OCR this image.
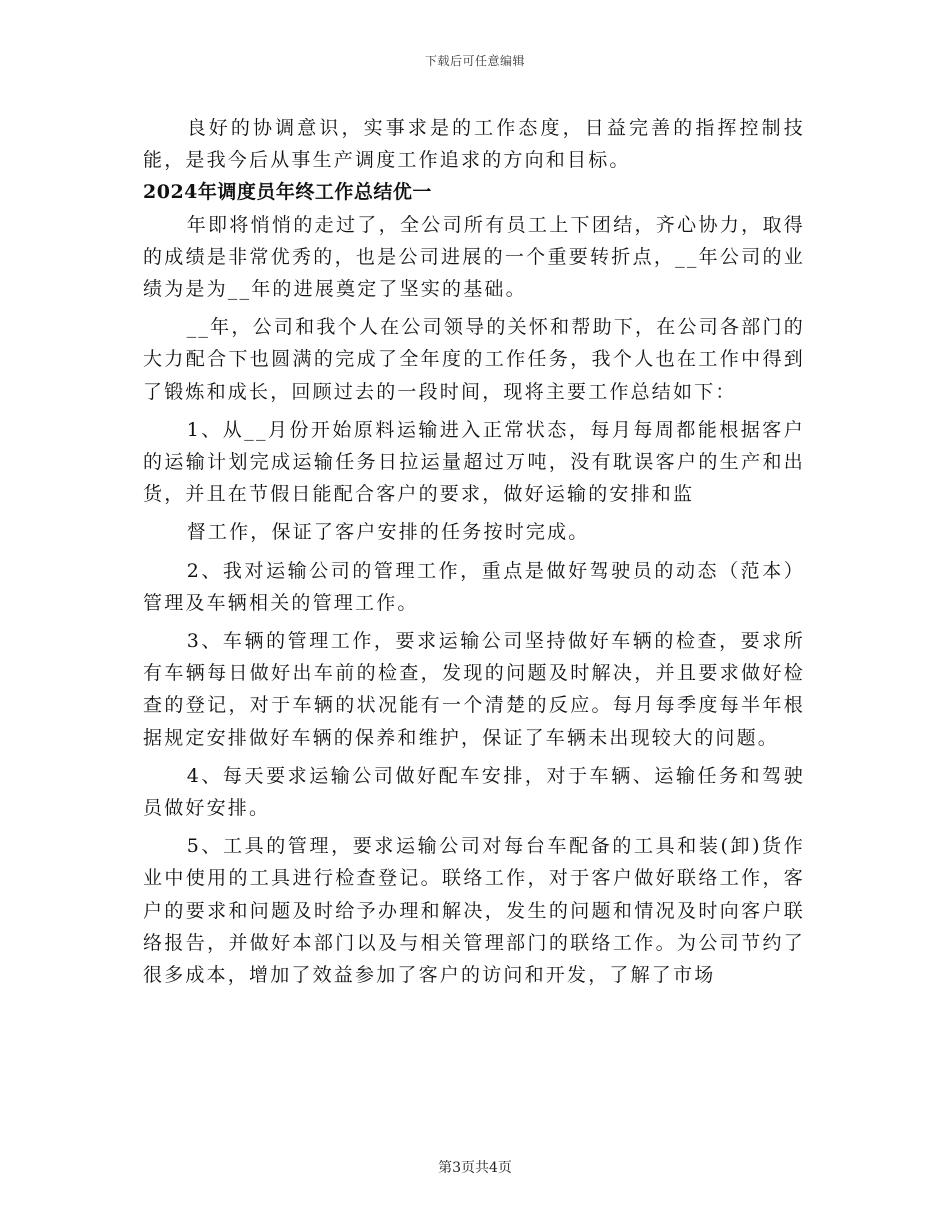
下载后可任意编辑

良好的协调意识，实事求是的工作态度，日益完善的指挥控制技能，是我今后从事生产调度工作追求的方向和目标。

2024年调度员年终工作总结优一

年即将悄悄的走过了，全公司所有员工上下团结，齐心协力，取得的成绩是非常优秀的，也是公司进展的一个重要转折点，__年公司的业绩为是为__年的进展奠定了坚实的基础。

__年，公司和我个人在公司领导的关怀和帮助下，在公司各部门的大力配合下也圆满的完成了全年度的工作任务，我个人也在工作中得到了锻炼和成长，回顾过去的一段时间，现将主要工作总结如下：

1、从__月份开始原料运输进入正常状态，每月每周都能根据客户的运输计划完成运输任务日拉运量超过万吨，没有耽误客户的生产和出货，并且在节假日能配合客户的要求，做好运输的安排和监

督工作，保证了客户安排的任务按时完成。

2、我对运输公司的管理工作，重点是做好驾驶员的动态（范本）管理及车辆相关的管理工作。

3、车辆的管理工作，要求运输公司坚持做好车辆的检查，要求所有车辆每日做好出车前的检查，发现的问题及时解决，并且要求做好检查的登记，对于车辆的状况能有一个清楚的反应。每月每季度每半年根据规定安排做好车辆的保养和维护，保证了车辆未出现较大的问题。

4、每天要求运输公司做好配车安排，对于车辆、运输任务和驾驶员做好安排。

5、工具的管理，要求运输公司对每台车配备的工具和装(卸)货作业中使用的工具进行检查登记。联络工作，对于客户做好联络工作，客户的要求和问题及时给予办理和解决，发生的问题和情况及时向客户联络报告，并做好本部门以及与相关管理部门的联络工作。为公司节约了很多成本，增加了效益参加了客户的访问和开发，了解了市场

第3页共4页
